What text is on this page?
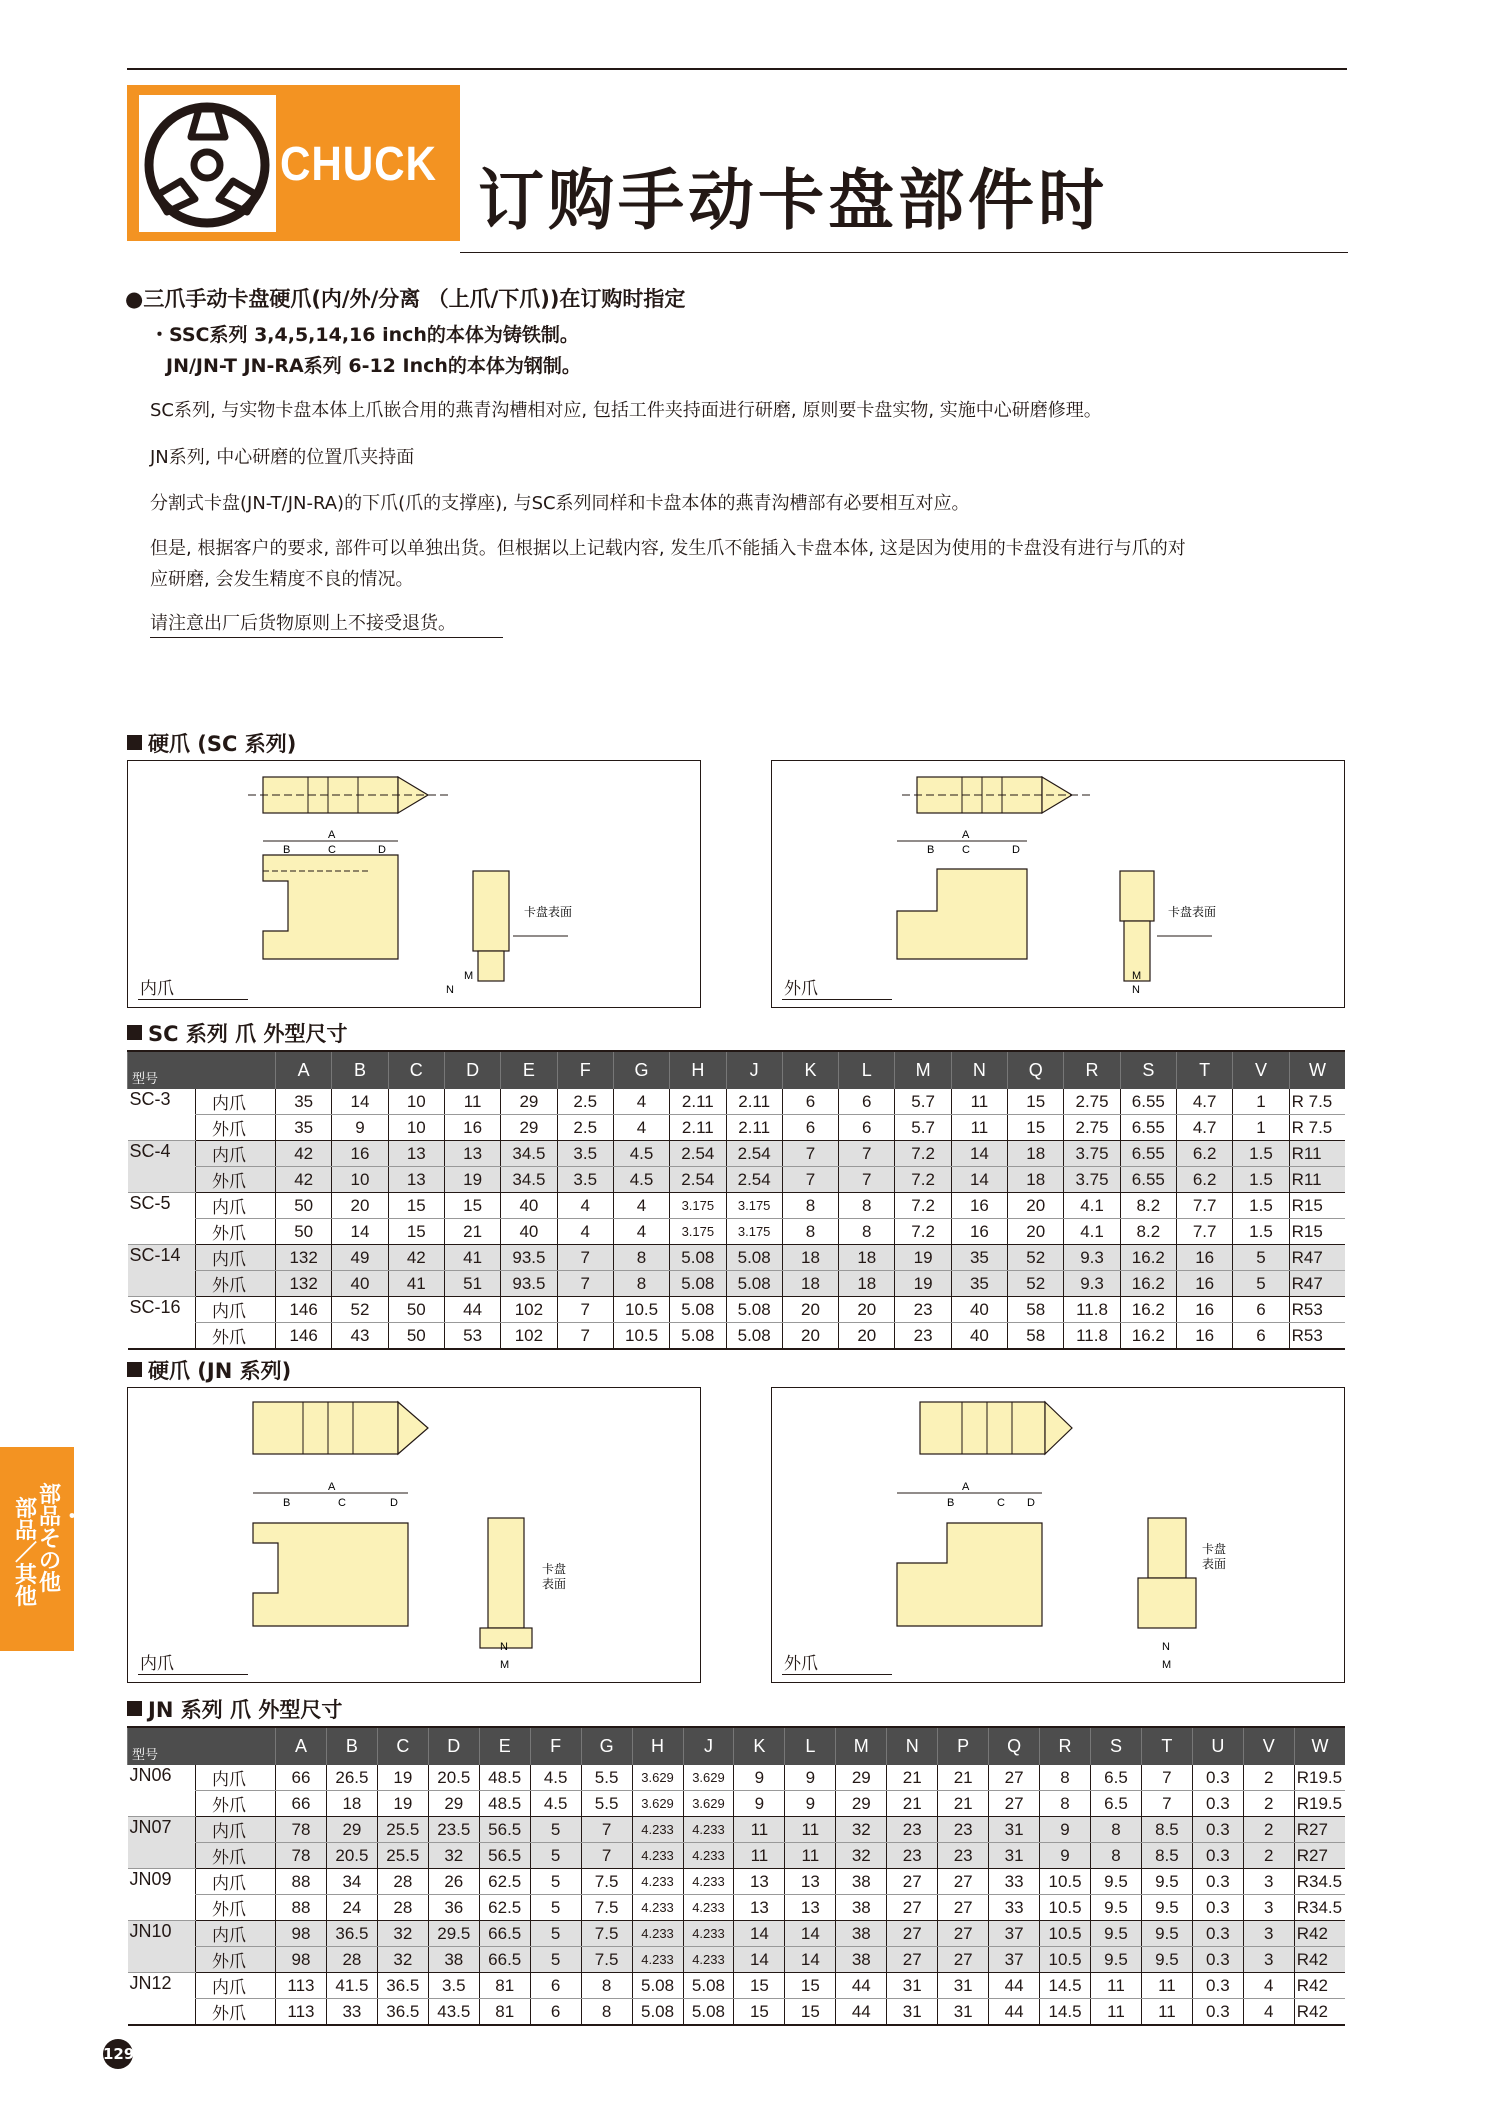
CHUCK 订购手动卡盘部件时
●三爪手动卡盘硬爪(内/外/分离 （上爪/下爪))在订购时指定
・SSC系列 3,4,5,14,16 inch的本体为铸铁制。
JN/JN-T JN-RA系列 6-12 Inch的本体为钢制。
SC系列, 与实物卡盘本体上爪嵌合用的燕青沟槽相对应, 包括工件夹持面进行研磨, 原则要卡盘实物, 实施中心研磨修理。
JN系列, 中心研磨的位置爪夹持面
分割式卡盘(JN-T/JN-RA)的下爪(爪的支撑座), 与SC系列同样和卡盘本体的燕青沟槽部有必要相互对应。
但是, 根据客户的要求, 部件可以单独出货。但根据以上记载内容, 发生爪不能插入卡盘本体, 这是因为使用的卡盘没有进行与爪的对
应研磨, 会发生精度不良的情况。
请注意出厂后货物原则上不接受退货。
硬爪 (SC 系列)
A
B	C	D
卡盘表面
N
M
内爪
A
B	C	D
卡盘表面
M
N
外爪
SC 系列 爪 外型尺寸
型号		A	B	C	D	E	F	G	H	J	K	L	M	N	Q	R	S	T	V	W
SC-3	内爪	35	14	10	11	29	2.5	4	2.11	2.11	6	6	5.7	11	15	2.75	6.55	4.7	1	R 7.5
	外爪	35	9	10	16	29	2.5	4	2.11	2.11	6	6	5.7	11	15	2.75	6.55	4.7	1	R 7.5
SC-4	内爪	42	16	13	13	34.5	3.5	4.5	2.54	2.54	7	7	7.2	14	18	3.75	6.55	6.2	1.5	R11
	外爪	42	10	13	19	34.5	3.5	4.5	2.54	2.54	7	7	7.2	14	18	3.75	6.55	6.2	1.5	R11
SC-5	内爪	50	20	15	15	40	4	4	3.175	3.175	8	8	7.2	16	20	4.1	8.2	7.7	1.5	R15
	外爪	50	14	15	21	40	4	4	3.175	3.175	8	8	7.2	16	20	4.1	8.2	7.7	1.5	R15
SC-14	内爪	132	49	42	41	93.5	7	8	5.08	5.08	18	18	19	35	52	9.3	16.2	16	5	R47
	外爪	132	40	41	51	93.5	7	8	5.08	5.08	18	18	19	35	52	9.3	16.2	16	5	R47
SC-16	内爪	146	52	50	44	102	7	10.5	5.08	5.08	20	20	23	40	58	11.8	16.2	16	6	R53
	外爪	146	43	50	53	102	7	10.5	5.08	5.08	20	20	23	40	58	11.8	16.2	16	6	R53
硬爪 (JN 系列)
A
B	C	D
卡盘
表面
N
M
内爪
A
B	C D
卡盘
表面
N
M
外爪
JN 系列 爪 外型尺寸
型号		A	B	C	D	E	F	G	H	J	K	L	M	N	P	Q	R	S	T	U	V	W
JN06	内爪	66	26.5	19	20.5	48.5	4.5	5.5	3.629	3.629	9	9	29	21	21	27	8	6.5	7	0.3	2	R19.5
	外爪	66	18	19	29	48.5	4.5	5.5	3.629	3.629	9	9	29	21	21	27	8	6.5	7	0.3	2	R19.5
JN07	内爪	78	29	25.5	23.5	56.5	5	7	4.233	4.233	11	11	32	23	23	31	9	8	8.5	0.3	2	R27
	外爪	78	20.5	25.5	32	56.5	5	7	4.233	4.233	11	11	32	23	23	31	9	8	8.5	0.3	2	R27
JN09	内爪	88	34	28	26	62.5	5	7.5	4.233	4.233	13	13	38	27	27	33	10.5	9.5	9.5	0.3	3	R34.5
	外爪	88	24	28	36	62.5	5	7.5	4.233	4.233	13	13	38	27	27	33	10.5	9.5	9.5	0.3	3	R34.5
JN10	内爪	98	36.5	32	29.5	66.5	5	7.5	4.233	4.233	14	14	38	27	27	37	10.5	9.5	9.5	0.3	3	R42
	外爪	98	28	32	38	66.5	5	7.5	4.233	4.233	14	14	38	27	27	37	10.5	9.5	9.5	0.3	3	R42
JN12	内爪	113	41.5	36.5	3.5	81	6	8	5.08	5.08	15	15	44	31	31	44	14.5	11	11	0.3	4	R42
	外爪	113	33	36.5	43.5	81	6	8	5.08	5.08	15	15	44	31	31	44	14.5	11	11	0.3	4	R42
部品・その他
部品／其他
129
